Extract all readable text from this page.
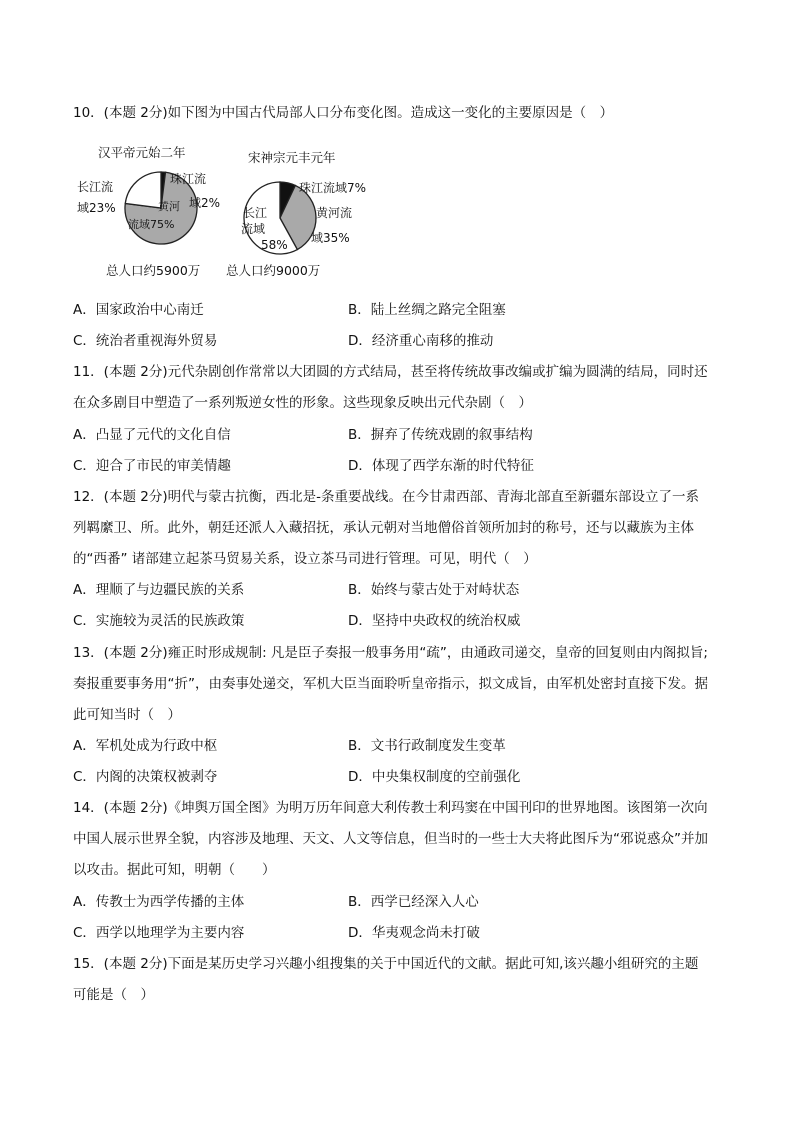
10．(本题 2分)如下图为中国古代局部人口分布变化图。造成这一变化的主要原因是（　）
汉平帝元始二年
长江流
域23%
珠江流
域2%
黄河
流域75%
总人口约5900万
宋神宗元丰元年
珠江流域7%
黄河流
域35%
长江
流域
58%
总人口约9000万
A．国家政治中心南迁	B．陆上丝绸之路完全阻塞
C．统治者重视海外贸易	D．经济重心南移的推动
11．(本题 2分)元代杂剧创作常常以大团圆的方式结局，甚至将传统故事改编或扩编为圆满的结局，同时还
在众多剧目中塑造了一系列叛逆女性的形象。这些现象反映出元代杂剧（　）
A．凸显了元代的文化自信	B．摒弃了传统戏剧的叙事结构
C．迎合了市民的审美情趣	D．体现了西学东渐的时代特征
12．(本题 2分)明代与蒙古抗衡，西北是-条重要战线。在今甘肃西部、青海北部直至新疆东部设立了一系
列羁縻卫、所。此外，朝廷还派人入藏招抚，承认元朝对当地僧俗首领所加封的称号，还与以藏族为主体
的“西番” 诸部建立起茶马贸易关系，设立茶马司进行管理。可见，明代（　）
A．理顺了与边疆民族的关系	B．始终与蒙古处于对峙状态
C．实施较为灵活的民族政策	D．坚持中央政权的统治权威
13．(本题 2分)雍正时形成规制: 凡是臣子奏报一般事务用“疏”，由通政司递交，皇帝的回复则由内阁拟旨;
奏报重要事务用“折”，由奏事处递交，军机大臣当面聆听皇帝指示，拟文成旨，由军机处密封直接下发。据
此可知当时（　）
A．军机处成为行政中枢	B．文书行政制度发生变革
C．内阁的决策权被剥夺	D．中央集权制度的空前强化
14．(本题 2分)《坤舆万国全图》为明万历年间意大利传教士利玛窦在中国刊印的世界地图。该图第一次向
中国人展示世界全貌，内容涉及地理、天文、人文等信息，但当时的一些士大夫将此图斥为“邪说惑众”并加
以攻击。据此可知，明朝（　　）
A．传教士为西学传播的主体	B．西学已经深入人心
C．西学以地理学为主要内容	D．华夷观念尚未打破
15．(本题 2分)下面是某历史学习兴趣小组搜集的关于中国近代的文献。据此可知,该兴趣小组研究的主题
可能是（　）
